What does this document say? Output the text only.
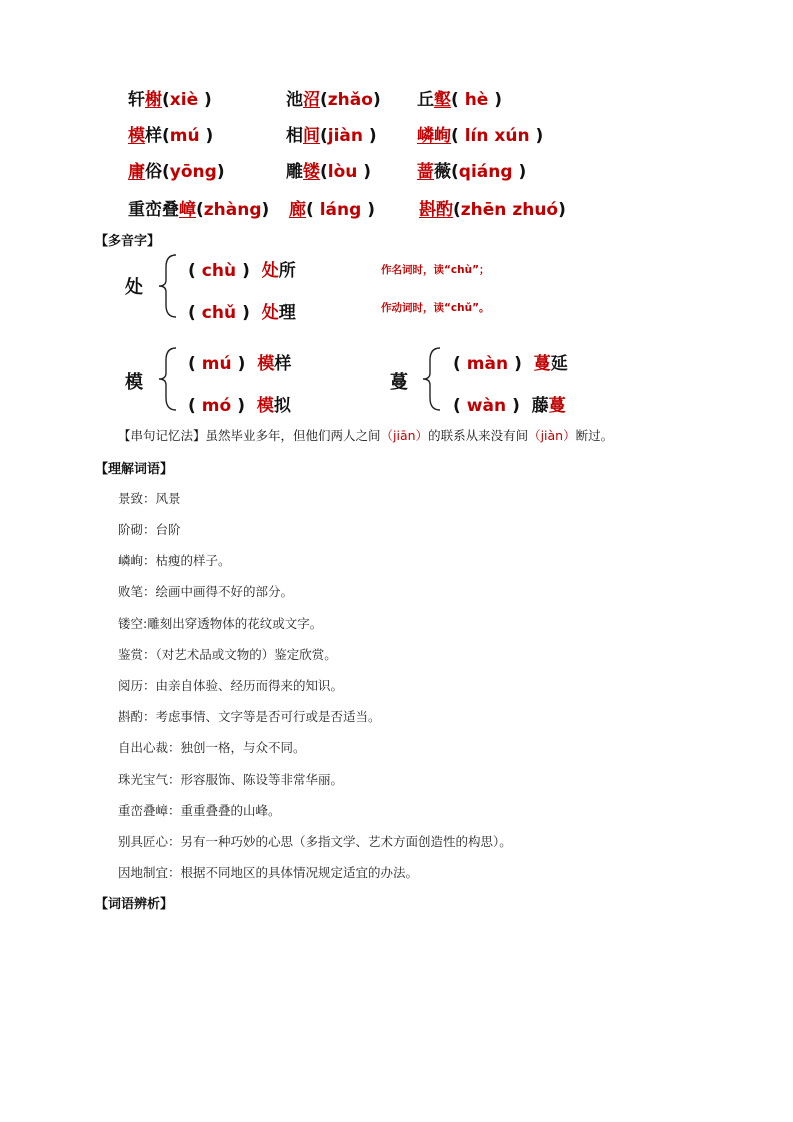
轩榭(xiè )	池沼(zhǎo) 丘壑( hè )
模样(mú )	相间(jiàn ) 嶙峋( lín xún )
庸俗(yōng)	雕镂(lòu )	蔷薇(qiáng )
重峦叠嶂(zhàng) 廊( láng )	斟酌(zhēn zhuó)
【多音字】
处
( chù ) 处所	作名词时，读“chù”；
( chǔ ) 处理	作动词时，读“chǔ”。
模
( mú ) 模样
( mó ) 模拟
蔓
( màn ) 蔓延
( wàn ) 藤蔓
【串句记忆法】虽然毕业多年，但他们两人之间（jiān）的联系从来没有间（jiàn）断过。
【理解词语】
景致：风景
阶砌：台阶
嶙峋：枯瘦的样子。
败笔：绘画中画得不好的部分。
镂空:雕刻出穿透物体的花纹或文字。
鉴赏：（对艺术品或文物的）鉴定欣赏。
阅历：由亲自体验、经历而得来的知识。
斟酌：考虑事情、文字等是否可行或是否适当。
自出心裁：独创一格，与众不同。
珠光宝气：形容服饰、陈设等非常华丽。
重峦叠嶂：重重叠叠的山峰。
别具匠心：另有一种巧妙的心思（多指文学、艺术方面创造性的构思）。
因地制宜：根据不同地区的具体情况规定适宜的办法。
【词语辨析】
